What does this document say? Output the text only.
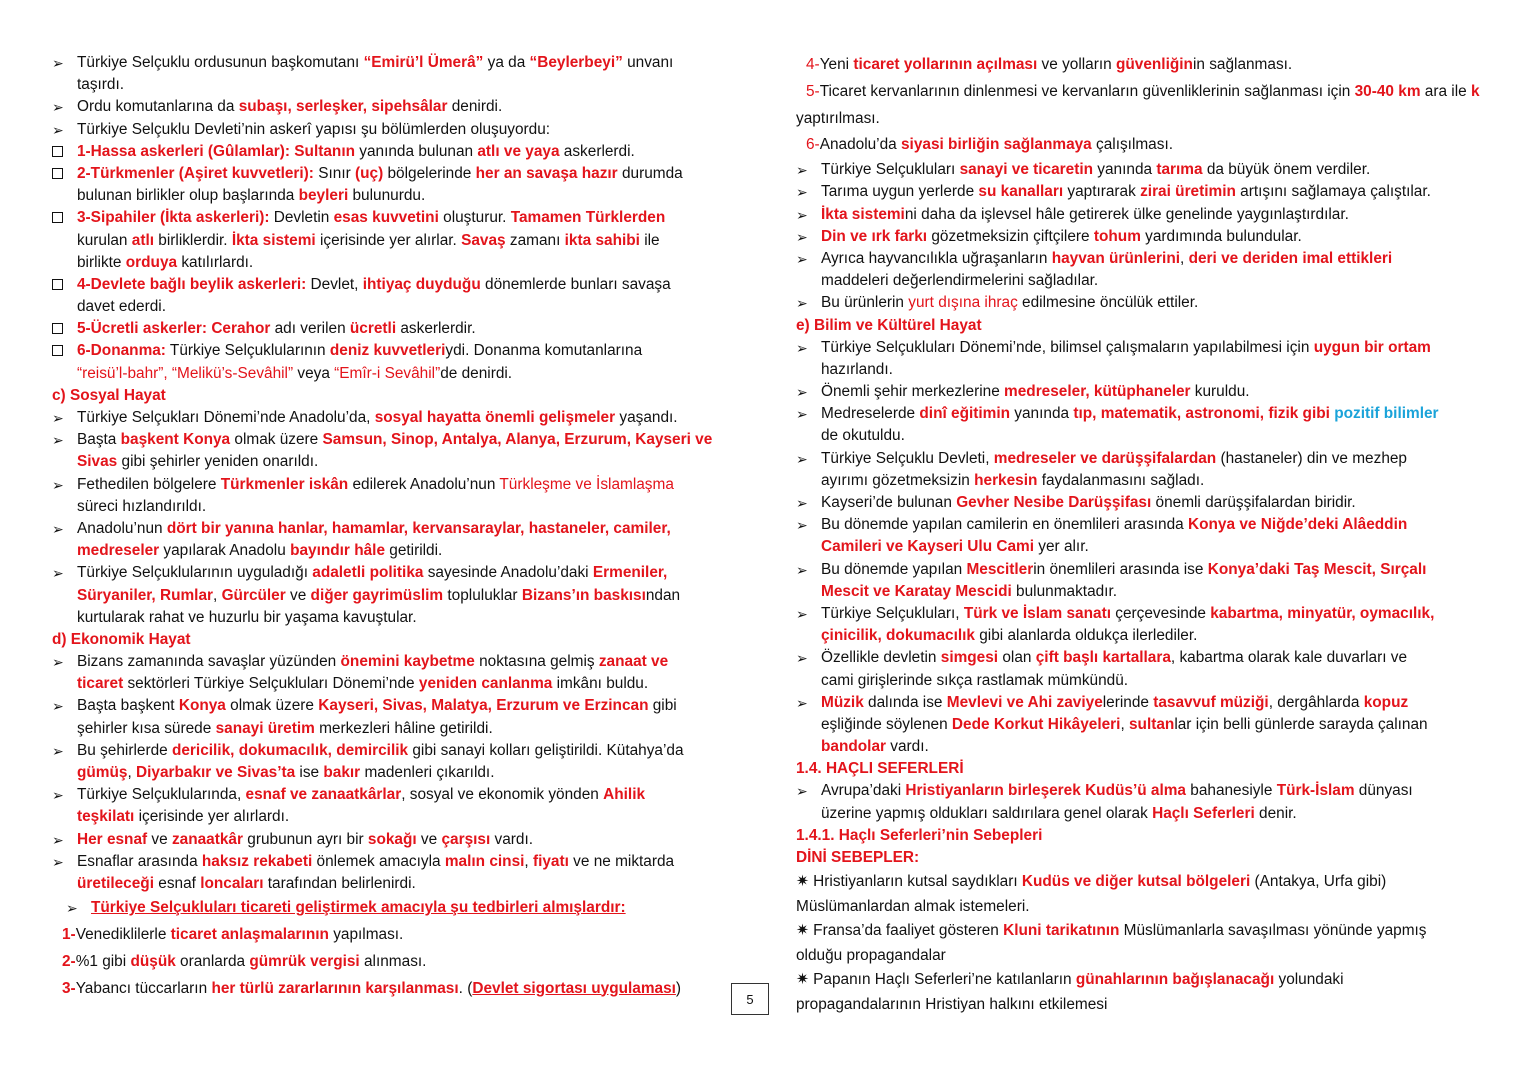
➢ Türkiye Selçuklu ordusunun başkomutanı “Emirü’l Ümerâ” ya da “Beylerbeyi” unvanı
taşırdı.
➢ Ordu komutanlarına da subaşı, serleşker, sipehsâlar denirdi.
➢ Türkiye Selçuklu Devleti’nin askerî yapısı şu bölümlerden oluşuyordu:
1-Hassa askerleri (Gûlamlar): Sultanın yanında bulunan atlı ve yaya askerlerdi.
2-Türkmenler (Aşiret kuvvetleri): Sınır (uç) bölgelerinde her an savaşa hazır durumda
bulunan birlikler olup başlarında beyleri bulunurdu.
3-Sipahiler (İkta askerleri): Devletin esas kuvvetini oluşturur. Tamamen Türklerden
kurulan atlı birliklerdir. İkta sistemi içerisinde yer alırlar. Savaş zamanı ikta sahibi ile
birlikte orduya katılırlardı.
4-Devlete bağlı beylik askerleri: Devlet, ihtiyaç duyduğu dönemlerde bunları savaşa
davet ederdi.
5-Ücretli askerler: Cerahor adı verilen ücretli askerlerdir.
6-Donanma: Türkiye Selçuklularının deniz kuvvetleriydi. Donanma komutanlarına
“reisü’l-bahr”, “Melikü’s-Sevâhil” veya “Emîr-i Sevâhil”de denirdi.
c) Sosyal Hayat
➢ Türkiye Selçukları Dönemi’nde Anadolu’da, sosyal hayatta önemli gelişmeler yaşandı.
➢ Başta başkent Konya olmak üzere Samsun, Sinop, Antalya, Alanya, Erzurum, Kayseri ve
Sivas gibi şehirler yeniden onarıldı.
➢ Fethedilen bölgelere Türkmenler iskân edilerek Anadolu’nun Türkleşme ve İslamlaşma
süreci hızlandırıldı.
➢ Anadolu’nun dört bir yanına hanlar, hamamlar, kervansaraylar, hastaneler, camiler,
medreseler yapılarak Anadolu bayındır hâle getirildi.
➢ Türkiye Selçuklularının uyguladığı adaletli politika sayesinde Anadolu’daki Ermeniler,
Süryaniler, Rumlar, Gürcüler ve diğer gayrimüslim topluluklar Bizans’ın baskısından
kurtularak rahat ve huzurlu bir yaşama kavuştular.
d) Ekonomik Hayat
➢ Bizans zamanında savaşlar yüzünden önemini kaybetme noktasına gelmiş zanaat ve
ticaret sektörleri Türkiye Selçukluları Dönemi’nde yeniden canlanma imkânı buldu.
➢ Başta başkent Konya olmak üzere Kayseri, Sivas, Malatya, Erzurum ve Erzincan gibi
şehirler kısa sürede sanayi üretim merkezleri hâline getirildi.
➢ Bu şehirlerde dericilik, dokumacılık, demircilik gibi sanayi kolları geliştirildi. Kütahya’da
gümüş, Diyarbakır ve Sivas’ta ise bakır madenleri çıkarıldı.
➢ Türkiye Selçuklularında, esnaf ve zanaatkârlar, sosyal ve ekonomik yönden Ahilik
teşkilatı içerisinde yer alırlardı.
➢ Her esnaf ve zanaatkâr grubunun ayrı bir sokağı ve çarşısı vardı.
➢ Esnaflar arasında haksız rekabeti önlemek amacıyla malın cinsi, fiyatı ve ne miktarda
üretileceği esnaf loncaları tarafından belirlenirdi.
➢ Türkiye Selçukluları ticareti geliştirmek amacıyla şu tedbirleri almışlardır:
1-Venediklilerle ticaret anlaşmalarının yapılması.
2-%1 gibi düşük oranlarda gümrük vergisi alınması.
3-Yabancı tüccarların her türlü zararlarının karşılanması. (Devlet sigortası uygulaması)
4-Yeni ticaret yollarının açılması ve yolların güvenliğinin sağlanması.
5-Ticaret kervanlarının dinlenmesi ve kervanların güvenliklerinin sağlanması için 30-40 km ara ile k
yaptırılması.
6-Anadolu’da siyasi birliğin sağlanmaya çalışılması.
➢ Türkiye Selçukluları sanayi ve ticaretin yanında tarıma da büyük önem verdiler.
➢ Tarıma uygun yerlerde su kanalları yaptırarak zirai üretimin artışını sağlamaya çalıştılar.
➢ İkta sistemini daha da işlevsel hâle getirerek ülke genelinde yaygınlaştırdılar.
➢ Din ve ırk farkı gözetmeksizin çiftçilere tohum yardımında bulundular.
➢ Ayrıca hayvancılıkla uğraşanların hayvan ürünlerini, deri ve deriden imal ettikleri
maddeleri değerlendirmelerini sağladılar.
➢ Bu ürünlerin yurt dışına ihraç edilmesine öncülük ettiler.
e) Bilim ve Kültürel Hayat
➢ Türkiye Selçukluları Dönemi’nde, bilimsel çalışmaların yapılabilmesi için uygun bir ortam
hazırlandı.
➢ Önemli şehir merkezlerine medreseler, kütüphaneler kuruldu.
➢ Medreselerde dinî eğitimin yanında tıp, matematik, astronomi, fizik gibi pozitif bilimler
de okutuldu.
➢ Türkiye Selçuklu Devleti, medreseler ve darüşşifalardan (hastaneler) din ve mezhep
ayırımı gözetmeksizin herkesin faydalanmasını sağladı.
➢ Kayseri’de bulunan Gevher Nesibe Darüşşifası önemli darüşşifalardan biridir.
➢ Bu dönemde yapılan camilerin en önemlileri arasında Konya ve Niğde’deki Alâeddin
Camileri ve Kayseri Ulu Cami yer alır.
➢ Bu dönemde yapılan Mescitlerin önemlileri arasında ise Konya’daki Taş Mescit, Sırçalı
Mescit ve Karatay Mescidi bulunmaktadır.
➢ Türkiye Selçukluları, Türk ve İslam sanatı çerçevesinde kabartma, minyatür, oymacılık,
çinicilik, dokumacılık gibi alanlarda oldukça ilerlediler.
➢ Özellikle devletin simgesi olan çift başlı kartallara, kabartma olarak kale duvarları ve
cami girişlerinde sıkça rastlamak mümkündü.
➢ Müzik dalında ise Mevlevi ve Ahi zaviyelerinde tasavvuf müziği, dergâhlarda kopuz
eşliğinde söylenen Dede Korkut Hikâyeleri, sultanlar için belli günlerde sarayda çalınan
bandolar vardı.
1.4. HAÇLI SEFERLERİ
➢ Avrupa’daki Hristiyanların birleşerek Kudüs’ü alma bahanesiyle Türk-İslam dünyası
üzerine yapmış oldukları saldırılara genel olarak Haçlı Seferleri denir.
1.4.1. Haçlı Seferleri’nin Sebepleri
DİNİ SEBEPLER:
✷ Hristiyanların kutsal saydıkları Kudüs ve diğer kutsal bölgeleri (Antakya, Urfa gibi)
Müslümanlardan almak istemeleri.
✷ Fransa’da faaliyet gösteren Kluni tarikatının Müslümanlarla savaşılması yönünde yapmış
olduğu propagandalar
✷ Papanın Haçlı Seferleri’ne katılanların günahlarının bağışlanacağı yolundaki
propagandalarının Hristiyan halkını etkilemesi
5
